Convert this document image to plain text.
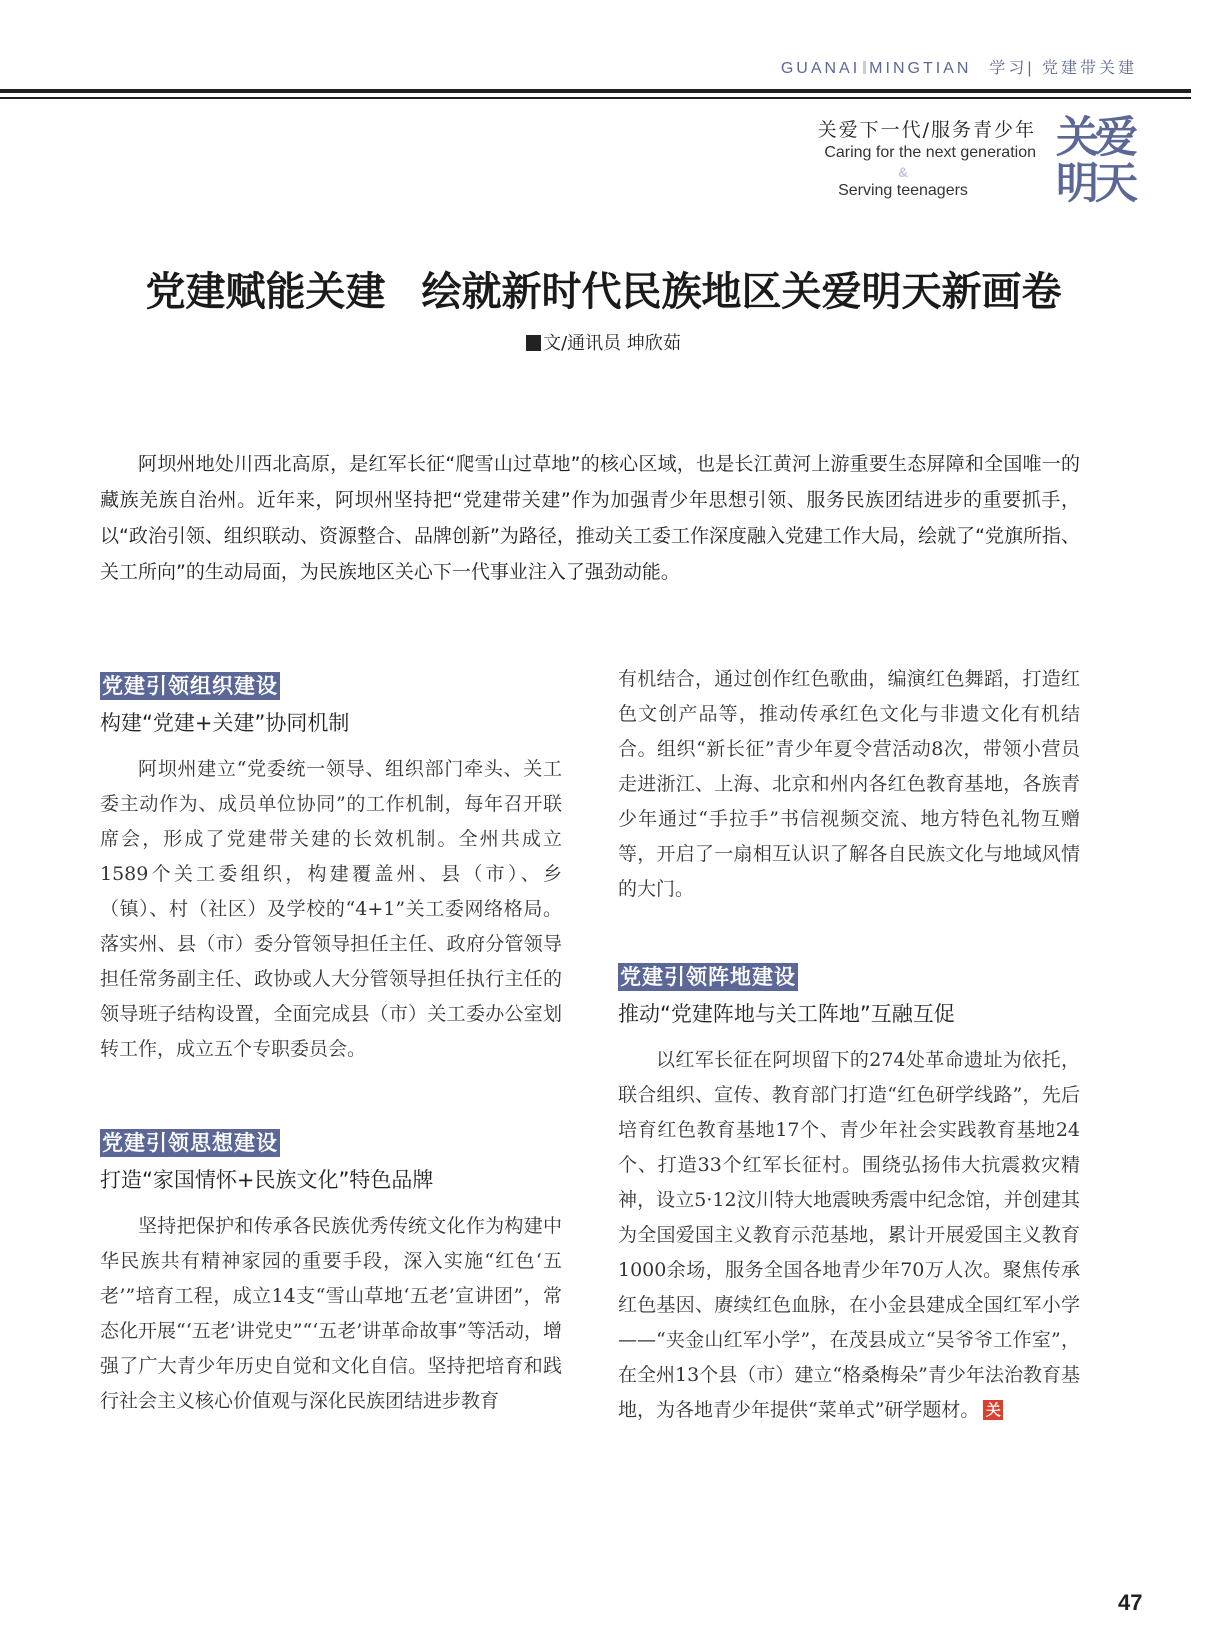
GUANAI MINGTIAN 学习| 党建带关建
关爱下一代/服务青少年
Caring for the next generation
&
Serving teenagers
关爱明天
党建赋能关建 绘就新时代民族地区关爱明天新画卷
文/通讯员 坤欣茹
阿坝州地处川西北高原，是红军长征“爬雪山过草地”的核心区域，也是长江黄河上游重要生态屏障和全国唯一的藏族羌族自治州。近年来，阿坝州坚持把“党建带关建”作为加强青少年思想引领、服务民族团结进步的重要抓手，以“政治引领、组织联动、资源整合、品牌创新”为路径，推动关工委工作深度融入党建工作大局，绘就了“党旗所指、关工所向”的生动局面，为民族地区关心下一代事业注入了强劲动能。
党建引领组织建设
构建“党建+关建”协同机制
阿坝州建立“党委统一领导、组织部门牵头、关工委主动作为、成员单位协同”的工作机制，每年召开联席会，形成了党建带关建的长效机制。全州共成立1589个关工委组织，构建覆盖州、县（市）、乡（镇）、村（社区）及学校的“4+1”关工委网络格局。落实州、县（市）委分管领导担任主任、政府分管领导担任常务副主任、政协或人大分管领导担任执行主任的领导班子结构设置，全面完成县（市）关工委办公室划转工作，成立五个专职委员会。
党建引领思想建设
打造“家国情怀+民族文化”特色品牌
坚持把保护和传承各民族优秀传统文化作为构建中华民族共有精神家园的重要手段，深入实施“红色‘五老’”培育工程，成立14支“雪山草地‘五老’宣讲团”，常态化开展“‘五老’讲党史”“‘五老’讲革命故事”等活动，增强了广大青少年历史自觉和文化自信。坚持把培育和践行社会主义核心价值观与深化民族团结进步教育
有机结合，通过创作红色歌曲，编演红色舞蹈，打造红色文创产品等，推动传承红色文化与非遗文化有机结合。组织“新长征”青少年夏令营活动8次，带领小营员走进浙江、上海、北京和州内各红色教育基地，各族青少年通过“手拉手”书信视频交流、地方特色礼物互赠等，开启了一扇相互认识了解各自民族文化与地域风情的大门。
党建引领阵地建设
推动“党建阵地与关工阵地”互融互促
以红军长征在阿坝留下的274处革命遗址为依托，联合组织、宣传、教育部门打造“红色研学线路”，先后培育红色教育基地17个、青少年社会实践教育基地24个、打造33个红军长征村。围绕弘扬伟大抗震救灾精神，设立5·12汶川特大地震映秀震中纪念馆，并创建其为全国爱国主义教育示范基地，累计开展爱国主义教育1000余场，服务全国各地青少年70万人次。聚焦传承红色基因、赓续红色血脉，在小金县建成全国红军小学——“夹金山红军小学”，在茂县成立“吴爷爷工作室”，在全州13个县（市）建立“格桑梅朵”青少年法治教育基地，为各地青少年提供“菜单式”研学题材。 关
47
